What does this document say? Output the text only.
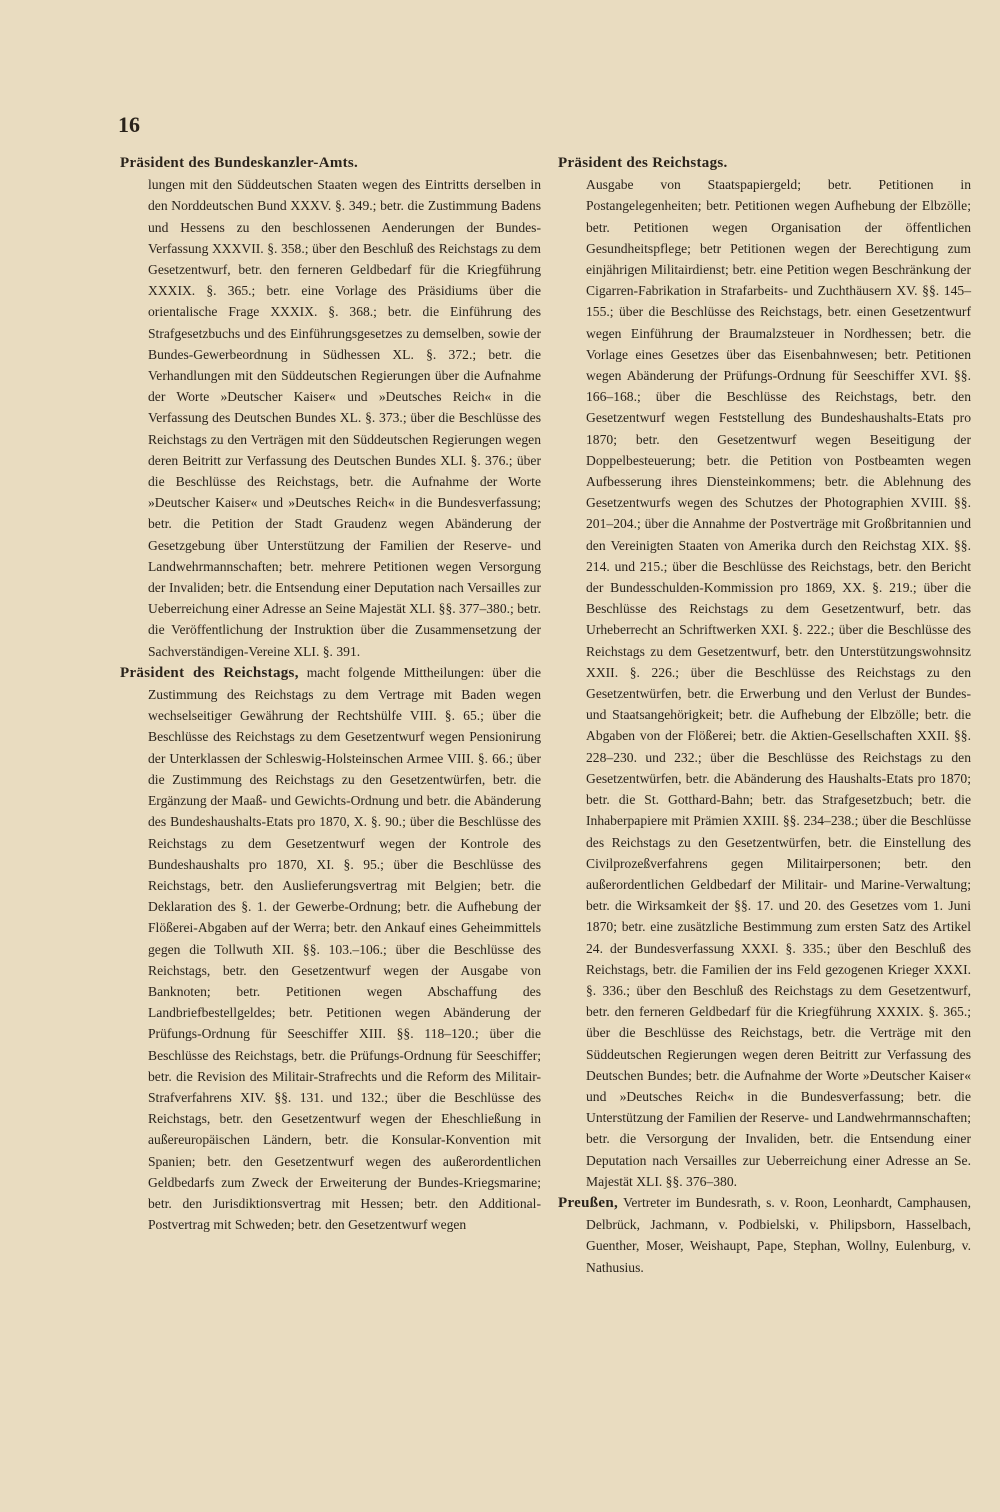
16

Präsident des Bundeskanzler-Amts.
lungen mit den Süddeutschen Staaten wegen des Eintritts derselben in den Norddeutschen Bund XXXV. §. 349.; betr. die Zustimmung Badens und Hessens zu den beschlossenen Aenderungen der Bundes-Verfassung XXXVII. §. 358.; über den Beschluß des Reichstags zu dem Gesetzentwurf, betr. den ferneren Geldbedarf für die Kriegführung XXXIX. §. 365.; betr. eine Vorlage des Präsidiums über die orientalische Frage XXXIX. §. 368.; betr. die Einführung des Strafgesetzbuchs und des Einführungsgesetzes zu demselben, sowie der Bundes-Gewerbeordnung in Südhessen XL. §. 372.; betr. die Verhandlungen mit den Süddeutschen Regierungen über die Aufnahme der Worte »Deutscher Kaiser« und »Deutsches Reich« in die Verfassung des Deutschen Bundes XL. §. 373.; über die Beschlüsse des Reichstags zu den Verträgen mit den Süddeutschen Regierungen wegen deren Beitritt zur Verfassung des Deutschen Bundes XLI. §. 376.; über die Beschlüsse des Reichstags, betr. die Aufnahme der Worte »Deutscher Kaiser« und »Deutsches Reich« in die Bundesverfassung; betr. die Petition der Stadt Graudenz wegen Abänderung der Gesetzgebung über Unterstützung der Familien der Reserve- und Landwehrmannschaften; betr. mehrere Petitionen wegen Versorgung der Invaliden; betr. die Entsendung einer Deputation nach Versailles zur Ueberreichung einer Adresse an Seine Majestät XLI. §§. 377–380.; betr. die Veröffentlichung der Instruktion über die Zusammensetzung der Sachverständigen-Vereine XLI. §. 391.

Präsident des Reichstags, macht folgende Mittheilungen: über die Zustimmung des Reichstags zu dem Vertrage mit Baden wegen wechselseitiger Gewährung der Rechtshülfe VIII. §. 65.; über die Beschlüsse des Reichstags zu dem Gesetzentwurf wegen Pensionirung der Unterklassen der Schleswig-Holsteinschen Armee VIII. §. 66.; über die Zustimmung des Reichstags zu den Gesetzentwürfen, betr. die Ergänzung der Maaß- und Gewichts-Ordnung und betr. die Abänderung des Bundeshaushalts-Etats pro 1870, X. §. 90.; über die Beschlüsse des Reichstags zu dem Gesetzentwurf wegen der Kontrole des Bundeshaushalts pro 1870, XI. §. 95.; über die Beschlüsse des Reichstags, betr. den Auslieferungsvertrag mit Belgien; betr. die Deklaration des §. 1. der Gewerbe-Ordnung; betr. die Aufhebung der Flößerei-Abgaben auf der Werra; betr. den Ankauf eines Geheimmittels gegen die Tollwuth XII. §§. 103.–106.; über die Beschlüsse des Reichstags, betr. den Gesetzentwurf wegen der Ausgabe von Banknoten; betr. Petitionen wegen Abschaffung des Landbriefbestellgeldes; betr. Petitionen wegen Abänderung der Prüfungs-Ordnung für Seeschiffer XIII. §§. 118–120.; über die Beschlüsse des Reichstags, betr. die Prüfungs-Ordnung für Seeschiffer; betr. die Revision des Militair-Strafrechts und die Reform des Militair-Strafverfahrens XIV. §§. 131. und 132.; über die Beschlüsse des Reichstags, betr. den Gesetzentwurf wegen der Eheschließung in außereuropäischen Ländern, betr. die Konsular-Konvention mit Spanien; betr. den Gesetzentwurf wegen des außerordentlichen Geldbedarfs zum Zweck der Erweiterung der Bundes-Kriegsmarine; betr. den Jurisdiktionsvertrag mit Hessen; betr. den Additional-Postvertrag mit Schweden; betr. den Gesetzentwurf wegen

Präsident des Reichstags.
Ausgabe von Staatspapiergeld; betr. Petitionen in Postangelegenheiten; betr. Petitionen wegen Aufhebung der Elbzölle; betr. Petitionen wegen Organisation der öffentlichen Gesundheitspflege; betr Petitionen wegen der Berechtigung zum einjährigen Militairdienst; betr. eine Petition wegen Beschränkung der Cigarren-Fabrikation in Strafarbeits- und Zuchthäusern XV. §§. 145–155.; über die Beschlüsse des Reichstags, betr. einen Gesetzentwurf wegen Einführung der Braumalzsteuer in Nordhessen; betr. die Vorlage eines Gesetzes über das Eisenbahnwesen; betr. Petitionen wegen Abänderung der Prüfungs-Ordnung für Seeschiffer XVI. §§. 166–168.; über die Beschlüsse des Reichstags, betr. den Gesetzentwurf wegen Feststellung des Bundeshaushalts-Etats pro 1870; betr. den Gesetzentwurf wegen Beseitigung der Doppelbesteuerung; betr. die Petition von Postbeamten wegen Aufbesserung ihres Diensteinkommens; betr. die Ablehnung des Gesetzentwurfs wegen des Schutzes der Photographien XVIII. §§. 201–204.; über die Annahme der Postverträge mit Großbritannien und den Vereinigten Staaten von Amerika durch den Reichstag XIX. §§. 214. und 215.; über die Beschlüsse des Reichstags, betr. den Bericht der Bundesschulden-Kommission pro 1869, XX. §. 219.; über die Beschlüsse des Reichstags zu dem Gesetzentwurf, betr. das Urheberrecht an Schriftwerken XXI. §. 222.; über die Beschlüsse des Reichstags zu dem Gesetzentwurf, betr. den Unterstützungswohnsitz XXII. §. 226.; über die Beschlüsse des Reichstags zu den Gesetzentwürfen, betr. die Erwerbung und den Verlust der Bundes- und Staatsangehörigkeit; betr. die Aufhebung der Elbzölle; betr. die Abgaben von der Flößerei; betr. die Aktien-Gesellschaften XXII. §§. 228–230. und 232.; über die Beschlüsse des Reichstags zu den Gesetzentwürfen, betr. die Abänderung des Haushalts-Etats pro 1870; betr. die St. Gotthard-Bahn; betr. das Strafgesetzbuch; betr. die Inhaberpapiere mit Prämien XXIII. §§. 234–238.; über die Beschlüsse des Reichstags zu den Gesetzentwürfen, betr. die Einstellung des Civilprozeßverfahrens gegen Militairpersonen; betr. den außerordentlichen Geldbedarf der Militair- und Marine-Verwaltung; betr. die Wirksamkeit der §§. 17. und 20. des Gesetzes vom 1. Juni 1870; betr. eine zusätzliche Bestimmung zum ersten Satz des Artikel 24. der Bundesverfassung XXXI. §. 335.; über den Beschluß des Reichstags, betr. die Familien der ins Feld gezogenen Krieger XXXI. §. 336.; über den Beschluß des Reichstags zu dem Gesetzentwurf, betr. den ferneren Geldbedarf für die Kriegführung XXXIX. §. 365.; über die Beschlüsse des Reichstags, betr. die Verträge mit den Süddeutschen Regierungen wegen deren Beitritt zur Verfassung des Deutschen Bundes; betr. die Aufnahme der Worte »Deutscher Kaiser« und »Deutsches Reich« in die Bundesverfassung; betr. die Unterstützung der Familien der Reserve- und Landwehrmannschaften; betr. die Versorgung der Invaliden, betr. die Entsendung einer Deputation nach Versailles zur Ueberreichung einer Adresse an Se. Majestät XLI. §§. 376–380.

Preußen, Vertreter im Bundesrath, s. v. Roon, Leonhardt, Camphausen, Delbrück, Jachmann, v. Podbielski, v. Philipsborn, Hasselbach, Guenther, Moser, Weishaupt, Pape, Stephan, Wollny, Eulenburg, v. Nathusius.
